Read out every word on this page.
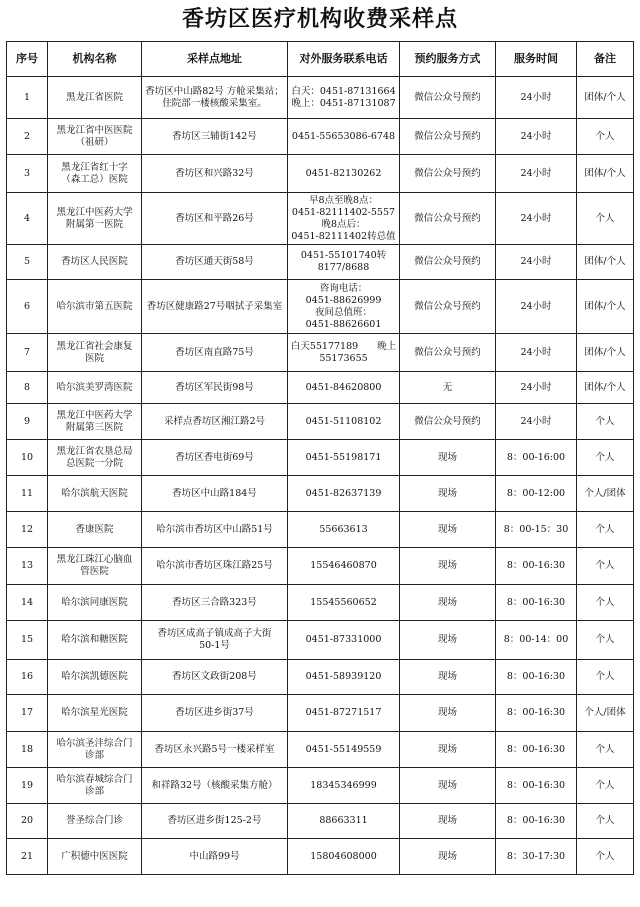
香坊区医疗机构收费采样点
序号	机构名称	采样点地址	对外服务联系电话	预约服务方式	服务时间	备注
1	黑龙江省医院	香坊区中山路82号 方舱采集站；住院部一楼核酸采集室。	白天：0451-87131664
晚上：0451-87131087	微信公众号预约	24小时	团体/个人
2	黑龙江省中医医院
（祖研）	香坊区三辅街142号	0451-55653086-6748	微信公众号预约	24小时	个人
3	黑龙江省红十字
（森工总）医院	香坊区和兴路32号	0451-82130262	微信公众号预约	24小时	团体/个人
4	黑龙江中医药大学
附属第一医院	香坊区和平路26号	早8点至晚8点：
0451-82111402-5557
晚8点后：
0451-82111402转总值	微信公众号预约	24小时	个人
5	香坊区人民医院	香坊区通天街58号	0451-55101740转
8177/8688	微信公众号预约	24小时	团体/个人
6	哈尔滨市第五医院	香坊区健康路27号咽拭子采集室	咨询电话：
0451-88626999
夜间总值班：
0451-88626601	微信公众号预约	24小时	团体/个人
7	黑龙江省社会康复
医院	香坊区南直路75号	白天55177189　　晚上
55173655	微信公众号预约	24小时	团体/个人
8	哈尔滨美罗湾医院	香坊区军民街98号	0451-84620800	无	24小时	团体/个人
9	黑龙江中医药大学
附属第三医院	采样点香坊区湘江路2号	0451-51108102	微信公众号预约	24小时	个人
10	黑龙江省农垦总局
总医院一分院	香坊区香电街69号	0451-55198171	现场	8：00-16:00	个人
11	哈尔滨航天医院	香坊区中山路184号	0451-82637139	现场	8：00-12:00	个人/团体
12	香康医院	哈尔滨市香坊区中山路51号	55663613	现场	8：00-15：30	个人
13	黑龙江珠江心脑血
管医院	哈尔滨市香坊区珠江路25号	15546460870	现场	8：00-16:30	个人
14	哈尔滨同康医院	香坊区三合路323号	15545560652	现场	8：00-16:30	个人
15	哈尔滨和糖医院	香坊区成高子镇成高子大街
50-1号	0451-87331000	现场	8：00-14：00	个人
16	哈尔滨凯德医院	香坊区文政街208号	0451-58939120	现场	8：00-16:30	个人
17	哈尔滨星光医院	香坊区进乡街37号	0451-87271517	现场	8：00-16:30	个人/团体
18	哈尔滨圣沣综合门
诊部	香坊区永兴路5号一楼采样室	0451-55149559	现场	8：00-16:30	个人
19	哈尔滨春城综合门
诊部	和祥路32号（核酸采集方舱）	18345346999	现场	8：00-16:30	个人
20	誉圣综合门诊	香坊区进乡街125-2号	88663311	现场	8：00-16:30	个人
21	广积德中医医院	中山路99号	15804608000	现场	8：30-17:30	个人
